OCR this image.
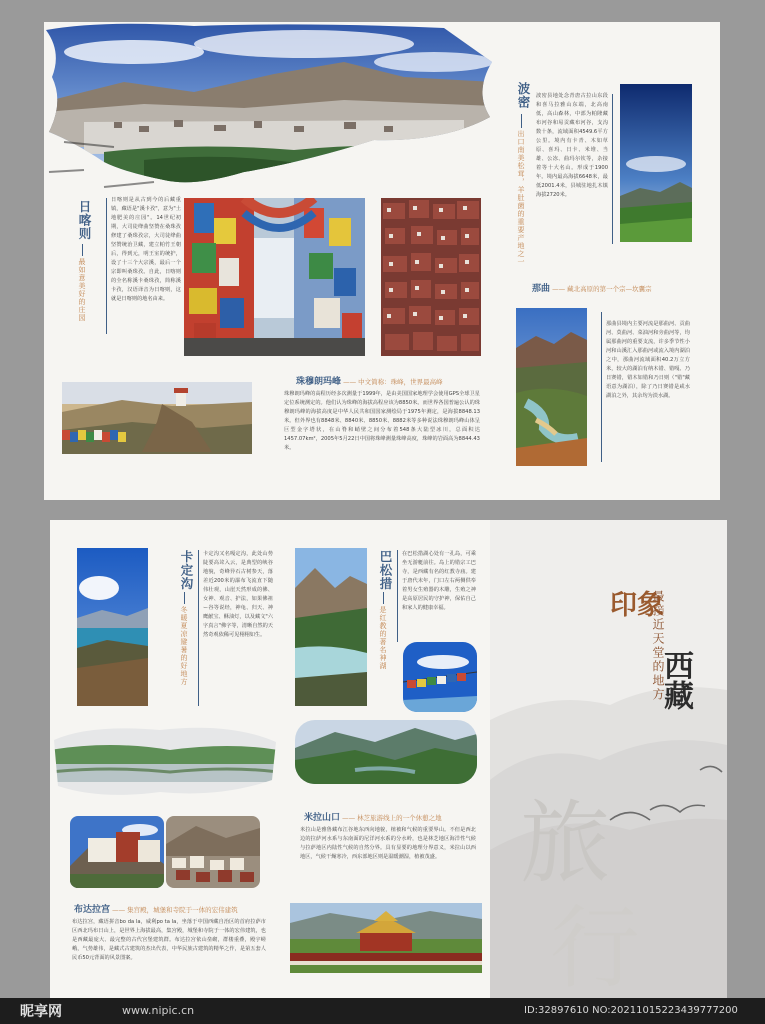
波密
出口南美松茸，羊肚菌的重要产地之一
波密县地处念青唐古拉山东段和喜马拉雅山东端，北高南低，高山森林，中部为帕隆藏布河谷和易贡藏布河谷，支沟数十条，流域面积4549.6平方公里。境内有卡青、木如草原、喜玛、日卡、米堆、当雄、公冻、曲玛尔钦等，杂接着等十大名山。形成于1900年。境内最高海拔6648米，最低2001.4米，县城驻地扎木镇海拔2720米。
日喀则
最如意美好的庄园
日喀则是从古到今的后藏重镇，藏语是"溪卡孜"，意为"土地肥美的庄园"。14世纪初期，大司徒绛曲坚赞在桑珠孜修建了桑珠孜宗，大司徒绛曲坚赞统治卫藏，建立帕竹王朝后，得到元，明王室的统护，设了十三个大宗溪，最后一个宗即叫桑珠孜。自此，日喀则的全名称溪卡桑珠孜，简称溪卡孜，汉语译音为日喀则，这就是日喀则的地名由来。
那曲 —— 藏北高原的第一个宗—坎囊宗
那曲县境内主要河流是那曲河、贡曲河、莫曲河、菜油河和旁曲河等，均属那曲河的重要支流，许多季节性小河和山溪汇入那曲河或流入境内湖泊之中，那曲河流域面积40.2万立方米，较大的湖泊有纳木错、错嘎、乃日赛错，错木如错和乃日则（"错"藏语意为湖泊），除了乃日赛错是咸水湖泊之外，其余均为淡水湖。
珠穆朗玛峰 —— 中文简称：珠峰，世界最高峰
珠穆朗玛峰的高程历经多次测量于1999年，是由美国国家地理学会使用GPS全球卫星定位系统测定的。他们认为珠峰的海拔高程应该为8850米。而世界各国普遍公认的珠穆朗玛峰的海拔高度是中华人民共和国国家测绘局于1975年测定，是海拔8848.13米。但外界也有8848米、8840米、8850米、8882米等多种说法珠穆朗玛峰山体呈巨型金字塔状，在山脊和峭壁之间分布着548条大陆型冰川，总面积达1457.07km²，2005年5月22日中国将珠峰测量珠峰高度，珠峰的岩面高为8844.43米。
印象
西藏
最接近天堂的地方
旅
行
卡定沟
冬暖夏凉避暑的好地方
卡定沟又名嘎定沟，此处山势陡要高耸入云，是典型的峡谷地貌，奇峰异石古树参天，落差近200米的瀑布飞流直下随伟壮观，山崖天然形成的佛、女神、观音、护法，如果佛祖ー谷等说经，神龟、归天、神鹰献宝、酥油灯，以及藏文"六字真言"佛字等，清晰自然的天然奇观依稀可见栩栩如生。
巴松措
是红教的著名神湖
在巴松措湖心处有一孔岛，可乘坐无游艇前往。岛上的错宗工巴寺，是西藏有名的红教寺庙。建于唐代末年，门口左右两侧供奉着男女生殖器的木雕，生殖之神是高原居民的守护神，保佑自己和家人的健康幸福。
米拉山口 —— 林芝旅游线上的一个休憩之地
米拉山是雅鲁藏布江谷地东西向地貌，植被和气候的重要界山。不但是西北边的拉萨河水系与东南面的尼洋河水系的分水岭，也是林芝地区海洋性气候与拉萨地区内陆性气候的自然分界。具有显要的地理分界意义，米拉山以西地区，气候干燥寒冷，西东部地区则是温暖潮湿，植被茂盛。
布达拉宫 —— 集宫殿，城堡和寺院于一体的宏伟建筑
布达拉宫，藏语拼音bo da la，威利po ta la，坐落于中国西藏自治区的首府拉萨市区西北玛布日山上，是世界上海拔最高，集宫殿，城堡和寺院于一体的宏伟建筑，也是西藏最庞大、最完整的古代宫堡建筑群。布达拉宫依山垒砌，群楼重叠，殿宇嵯峨，气势雄伟，是藏式古建筑的杰出代表，中华民族古建筑的精华之作，是第五套人民币50元背面的风景图案。
昵享网	www.nipic.cn	ID:32897610 NO:20211015223439777200
